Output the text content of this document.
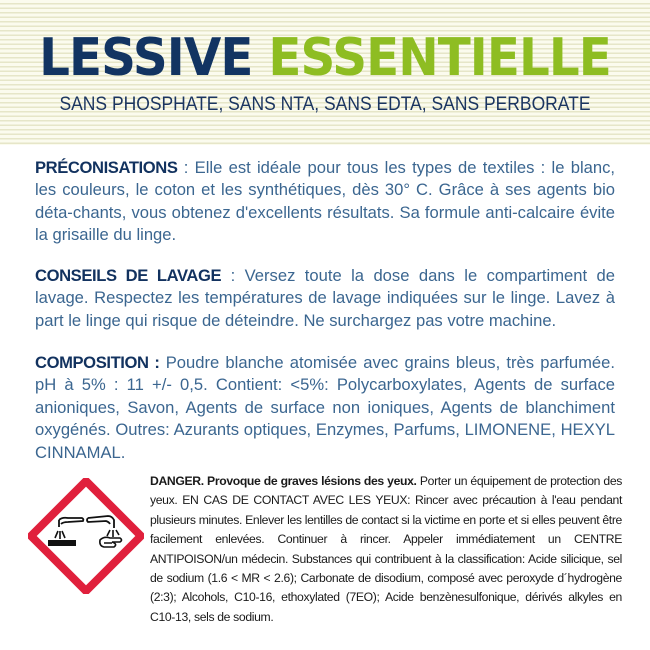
LESSIVE ESSENTIELLE
SANS PHOSPHATE, SANS NTA, SANS EDTA, SANS PERBORATE
PRÉCONISATIONS : Elle est idéale pour tous les types de textiles : le blanc, les couleurs, le coton et les synthétiques, dès 30° C. Grâce à ses agents bio déta-chants, vous obtenez d'excellents résultats. Sa formule anti-calcaire évite la grisaille du linge.
CONSEILS DE LAVAGE : Versez toute la dose dans le compartiment de lavage. Respectez les températures de lavage indiquées sur le linge. Lavez à part le linge qui risque de déteindre. Ne surchargez pas votre machine.
COMPOSITION : Poudre blanche atomisée avec grains bleus, très parfumée. pH à 5% : 11 +/- 0,5. Contient: <5%: Polycarboxylates, Agents de surface anioniques, Savon, Agents de surface non ioniques, Agents de blanchiment oxygénés. Outres: Azurants optiques, Enzymes, Parfums, LIMONENE, HEXYL CINNAMAL.
DANGER. Provoque de graves lésions des yeux. Porter un équipement de protection des yeux. EN CAS DE CONTACT AVEC LES YEUX: Rincer avec précaution à l'eau pendant plusieurs minutes. Enlever les lentilles de contact si la victime en porte et si elles peuvent être facilement enlevées. Continuer à rincer. Appeler immédiatement un CENTRE ANTIPOISON/un médecin. Substances qui contribuent à la classification: Acide silicique, sel de sodium (1.6 < MR < 2.6); Carbonate de disodium, composé avec peroxyde d´hydrogène (2:3); Alcohols, C10-16, ethoxylated (7EO); Acide benzènesulfonique, dérivés alkyles en C10-13, sels de sodium.
